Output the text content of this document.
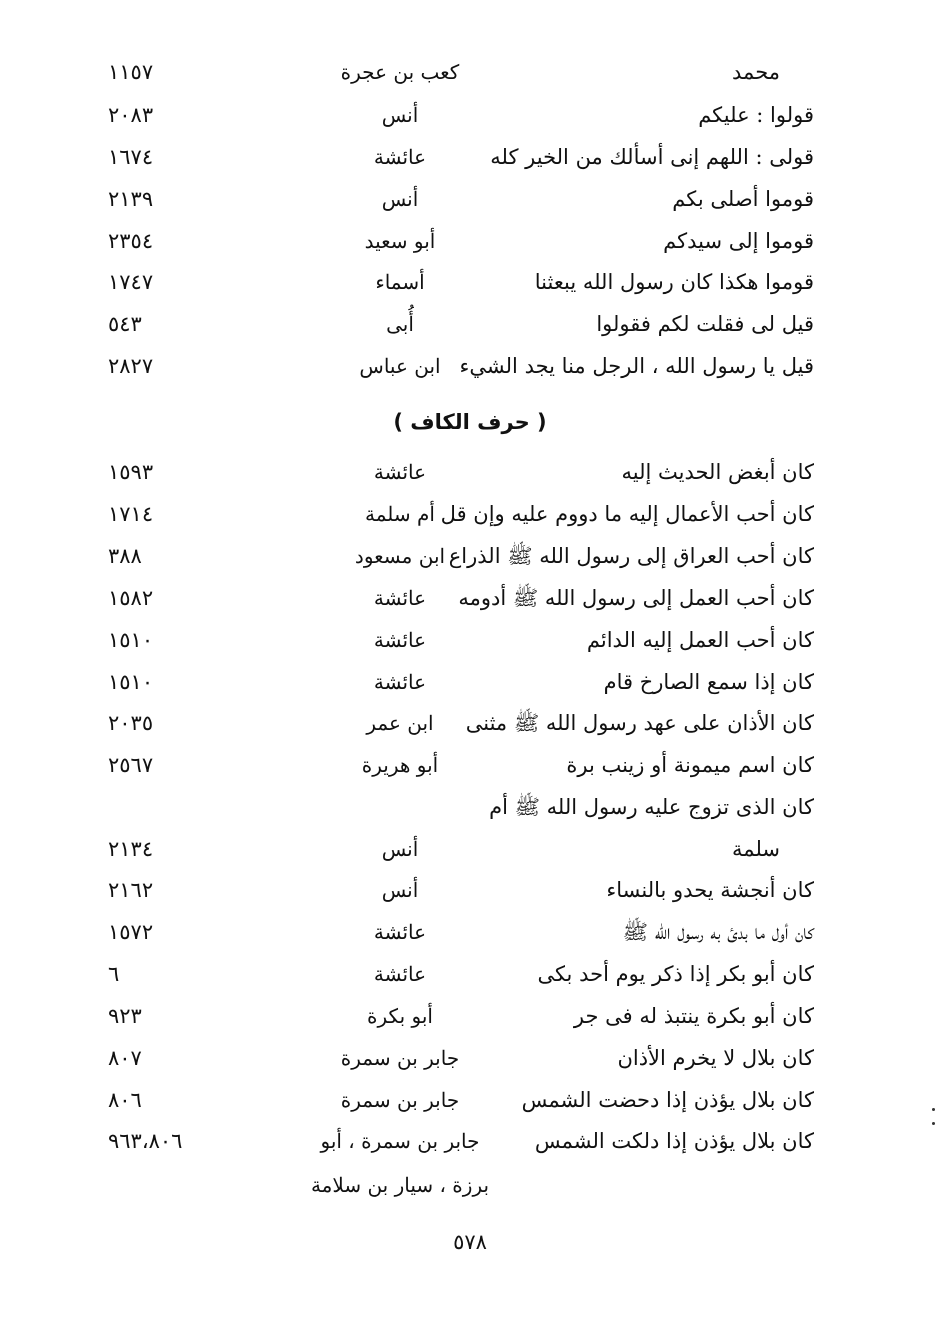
محمد
كعب بن عجرة
١١٥٧
قولوا : عليكم
أنس
٢٠٨٣
قولى : اللهم إنى أسألك من الخير كله
عائشة
١٦٧٤
قوموا أصلى بكم
أنس
٢١٣٩
قوموا إلى سيدكم
أبو سعيد
٢٣٥٤
قوموا هكذا كان رسول الله يبعثنا
أسماء
١٧٤٧
قيل لى فقلت لكم فقولوا
أُبى
٥٤٣
قيل يا رسول الله ، الرجل منا يجد الشيء
ابن عباس
٢٨٢٧
( حرف الكاف )
كان أبغض الحديث إليه
عائشة
١٥٩٣
كان أحب الأعمال إليه ما دووم عليه وإن قل
أم سلمة
١٧١٤
كان أحب العراق إلى رسول الله ﷺ الذراع
ابن مسعود
٣٨٨
كان أحب العمل إلى رسول الله ﷺ أدومه
عائشة
١٥٨٢
كان أحب العمل إليه الدائم
عائشة
١٥١٠
كان إذا سمع الصارخ قام
عائشة
١٥١٠
كان الأذان على عهد رسول الله ﷺ مثنى
ابن عمر
٢٠٣٥
كان اسم ميمونة أو زينب برة
أبو هريرة
٢٥٦٧
كان الذى تزوج عليه رسول الله ﷺ أم
سلمة
أنس
٢١٣٤
كان أنجشة يحدو بالنساء
أنس
٢١٦٢
كان أول ما بدئ به رسول الله ﷺ
عائشة
١٥٧٢
كان أبو بكر إذا ذكر يوم أحد بكى
عائشة
٦
كان أبو بكرة ينتبذ له فى جر
أبو بكرة
٩٢٣
كان بلال لا يخرم الأذان
جابر بن سمرة
٨٠٧
كان بلال يؤذن إذا دحضت الشمس
جابر بن سمرة
٨٠٦
كان بلال يؤذن إذا دلكت الشمس
جابر بن سمرة ، أبو
٩٦٣،٨٠٦
برزة ، سيار بن سلامة
٥٧٨
